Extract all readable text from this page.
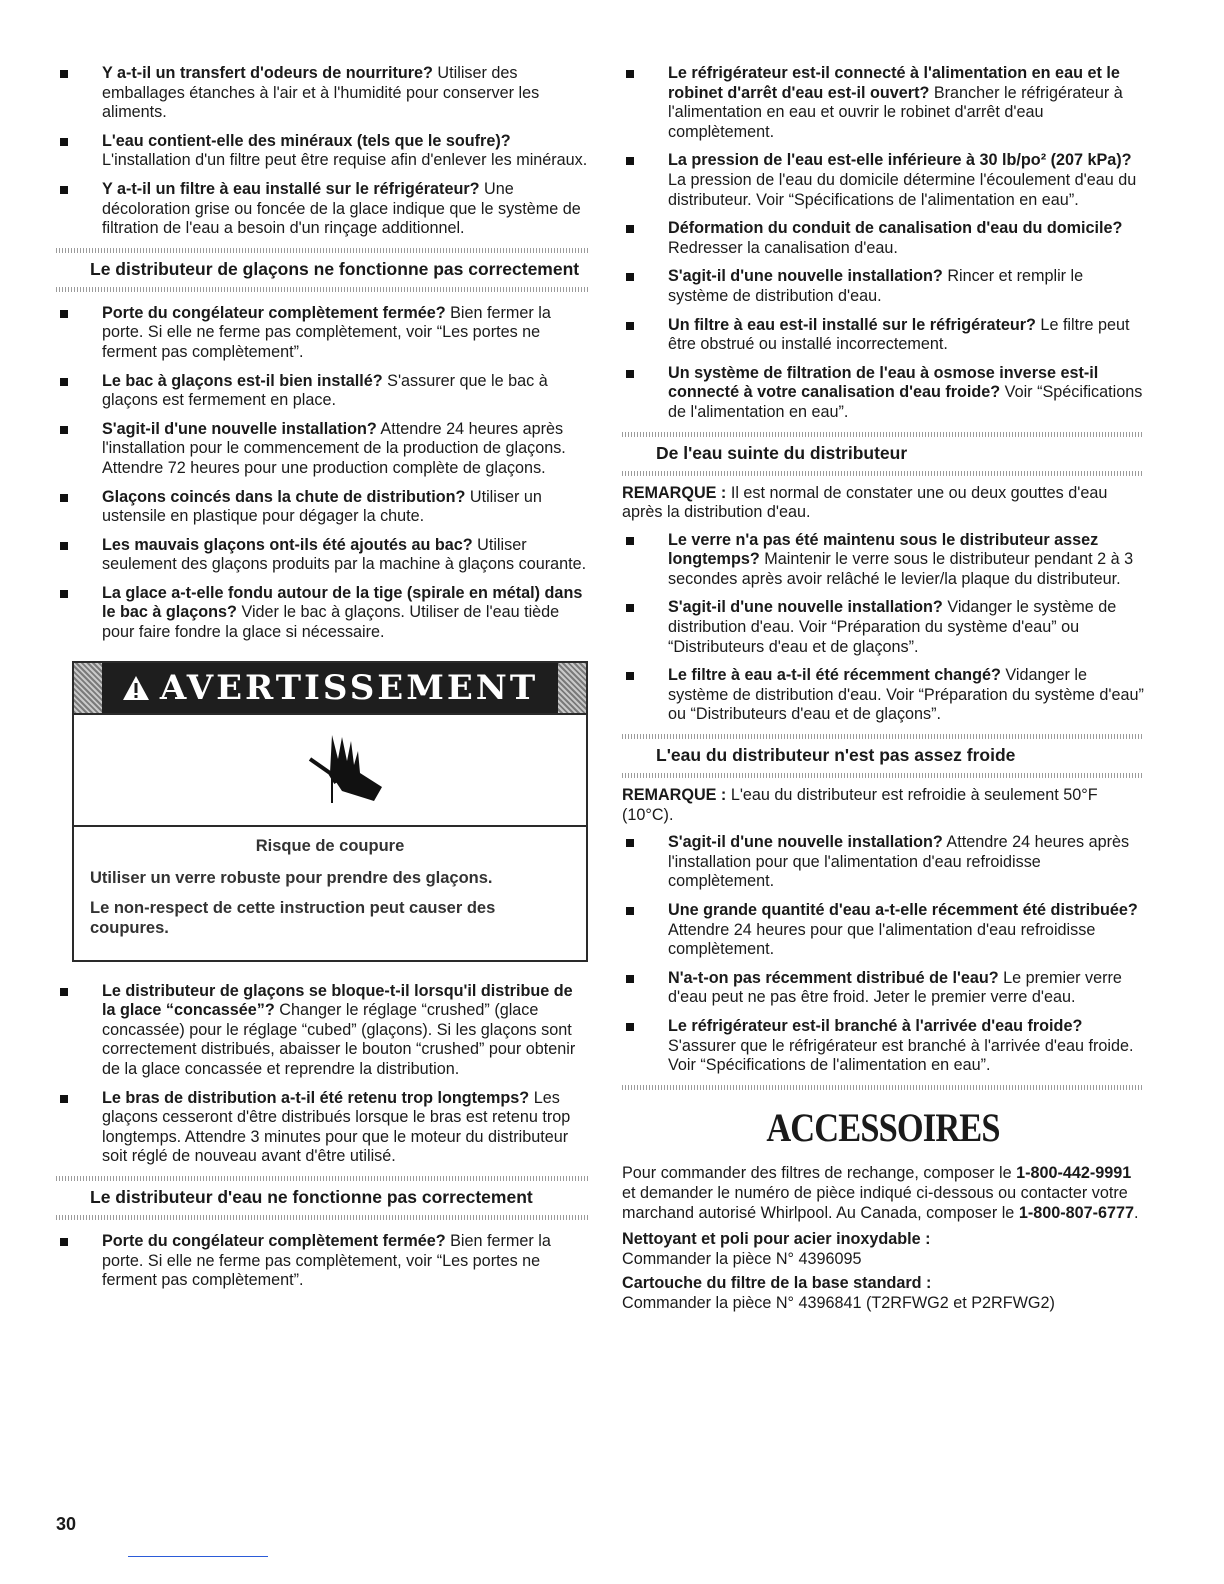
Y a-t-il un transfert d'odeurs de nourriture? Utiliser des emballages étanches à l'air et à l'humidité pour conserver les aliments.
L'eau contient-elle des minéraux (tels que le soufre)? L'installation d'un filtre peut être requise afin d'enlever les minéraux.
Y a-t-il un filtre à eau installé sur le réfrigérateur? Une décoloration grise ou foncée de la glace indique que le système de filtration de l'eau a besoin d'un rinçage additionnel.
Le distributeur de glaçons ne fonctionne pas correctement
Porte du congélateur complètement fermée? Bien fermer la porte. Si elle ne ferme pas complètement, voir “Les portes ne ferment pas complètement”.
Le bac à glaçons est-il bien installé? S'assurer que le bac à glaçons est fermement en place.
S'agit-il d'une nouvelle installation? Attendre 24 heures après l'installation pour le commencement de la production de glaçons. Attendre 72 heures pour une production complète de glaçons.
Glaçons coincés dans la chute de distribution? Utiliser un ustensile en plastique pour dégager la chute.
Les mauvais glaçons ont-ils été ajoutés au bac? Utiliser seulement des glaçons produits par la machine à glaçons courante.
La glace a-t-elle fondu autour de la tige (spirale en métal) dans le bac à glaçons? Vider le bac à glaçons. Utiliser de l'eau tiède pour faire fondre la glace si nécessaire.
AVERTISSEMENT
Risque de coupure
Utiliser un verre robuste pour prendre des glaçons.
Le non-respect de cette instruction peut causer des coupures.
Le distributeur de glaçons se bloque-t-il lorsqu'il distribue de la glace “concassée”? Changer le réglage “crushed” (glace concassée) pour le réglage “cubed” (glaçons). Si les glaçons sont correctement distribués, abaisser le bouton “crushed” pour obtenir de la glace concassée et reprendre la distribution.
Le bras de distribution a-t-il été retenu trop longtemps? Les glaçons cesseront d'être distribués lorsque le bras est retenu trop longtemps. Attendre 3 minutes pour que le moteur du distributeur soit réglé de nouveau avant d'être utilisé.
Le distributeur d'eau ne fonctionne pas correctement
Porte du congélateur complètement fermée? Bien fermer la porte. Si elle ne ferme pas complètement, voir “Les portes ne ferment pas complètement”.
Le réfrigérateur est-il connecté à l'alimentation en eau et le robinet d'arrêt d'eau est-il ouvert? Brancher le réfrigérateur à l'alimentation en eau et ouvrir le robinet d'arrêt d'eau complètement.
La pression de l'eau est-elle inférieure à 30 lb/po² (207 kPa)? La pression de l'eau du domicile détermine l'écoulement d'eau du distributeur. Voir “Spécifications de l'alimentation en eau”.
Déformation du conduit de canalisation d'eau du domicile? Redresser la canalisation d'eau.
S'agit-il d'une nouvelle installation? Rincer et remplir le système de distribution d'eau.
Un filtre à eau est-il installé sur le réfrigérateur? Le filtre peut être obstrué ou installé incorrectement.
Un système de filtration de l'eau à osmose inverse est-il connecté à votre canalisation d'eau froide? Voir “Spécifications de l'alimentation en eau”.
De l'eau suinte du distributeur
REMARQUE : Il est normal de constater une ou deux gouttes d'eau après la distribution d'eau.
Le verre n'a pas été maintenu sous le distributeur assez longtemps? Maintenir le verre sous le distributeur pendant 2 à 3 secondes après avoir relâché le levier/la plaque du distributeur.
S'agit-il d'une nouvelle installation? Vidanger le système de distribution d'eau. Voir “Préparation du système d'eau” ou “Distributeurs d'eau et de glaçons”.
Le filtre à eau a-t-il été récemment changé? Vidanger le système de distribution d'eau. Voir “Préparation du système d'eau” ou “Distributeurs d'eau et de glaçons”.
L'eau du distributeur n'est pas assez froide
REMARQUE : L'eau du distributeur est refroidie à seulement 50°F (10°C).
S'agit-il d'une nouvelle installation? Attendre 24 heures après l'installation pour que l'alimentation d'eau refroidisse complètement.
Une grande quantité d'eau a-t-elle récemment été distribuée? Attendre 24 heures pour que l'alimentation d'eau refroidisse complètement.
N'a-t-on pas récemment distribué de l'eau? Le premier verre d'eau peut ne pas être froid. Jeter le premier verre d'eau.
Le réfrigérateur est-il branché à l'arrivée d'eau froide? S'assurer que le réfrigérateur est branché à l'arrivée d'eau froide. Voir “Spécifications de l'alimentation en eau”.
ACCESSOIRES
Pour commander des filtres de rechange, composer le 1-800-442-9991 et demander le numéro de pièce indiqué ci-dessous ou contacter votre marchand autorisé Whirlpool. Au Canada, composer le 1-800-807-6777.
Nettoyant et poli pour acier inoxydable :
Commander la pièce N° 4396095
Cartouche du filtre de la base standard :
Commander la pièce N° 4396841 (T2RFWG2 et P2RFWG2)
30
